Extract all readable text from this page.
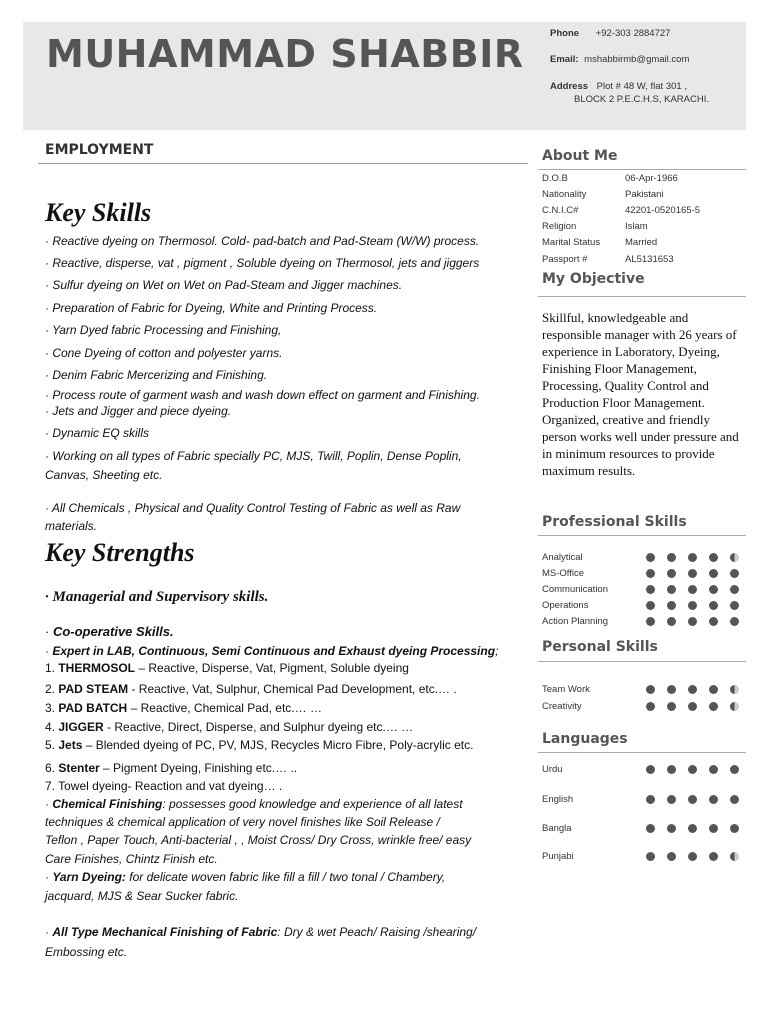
MUHAMMAD SHABBIR	Phone +92-303 2884727
Email: mshabbirmb@gmail.com
Address Plot # 48 W, flat 301 ,
BLOCK 2 P.E.C.H.S, KARACHI.
EMPLOYMENT
Key Skills
· Reactive dyeing on Thermosol. Cold- pad-batch and Pad-Steam (W/W) process.
· Reactive, disperse, vat , pigment , Soluble dyeing on Thermosol, jets and jiggers
· Sulfur dyeing on Wet on Wet on Pad-Steam and Jigger machines.
· Preparation of Fabric for Dyeing, White and Printing Process.
· Yarn Dyed fabric Processing and Finishing,
· Cone Dyeing of cotton and polyester yarns.
· Denim Fabric Mercerizing and Finishing.
· Process route of garment wash and wash down effect on garment and Finishing.
· Jets and Jigger and piece dyeing.
· Dynamic EQ skills
· Working on all types of Fabric specially PC, MJS, Twill, Poplin, Dense Poplin,
Canvas, Sheeting etc.
· All Chemicals , Physical and Quality Control Testing of Fabric as well as Raw
materials.
Key Strengths
· Managerial and Supervisory skills.
· Co-operative Skills.
· Expert in LAB, Continuous, Semi Continuous and Exhaust dyeing Processing;
1. THERMOSOL – Reactive, Disperse, Vat, Pigment, Soluble dyeing
2. PAD STEAM - Reactive, Vat, Sulphur, Chemical Pad Development, etc.… .
3. PAD BATCH – Reactive, Chemical Pad, etc.… …
4. JIGGER - Reactive, Direct, Disperse, and Sulphur dyeing etc.… …
5. Jets – Blended dyeing of PC, PV, MJS, Recycles Micro Fibre, Poly-acrylic etc.
6. Stenter – Pigment Dyeing, Finishing etc.… ..
7. Towel dyeing- Reaction and vat dyeing… .
· Chemical Finishing: possesses good knowledge and experience of all latest
techniques & chemical application of very novel finishes like Soil Release /
Teflon , Paper Touch, Anti-bacterial , , Moist Cross/ Dry Cross, wrinkle free/ easy
Care Finishes, Chintz Finish etc.
· Yarn Dyeing: for delicate woven fabric like fill a fill / two tonal / Chambery,
jacquard, MJS & Sear Sucker fabric.
· All Type Mechanical Finishing of Fabric: Dry & wet Peach/ Raising /shearing/
Embossing etc.
About Me
D.O.B	06-Apr-1966
Nationality	Pakistani
C.N.I.C#	42201-0520165-5
Religion	Islam
Marital Status	Married
Passport #	AL5131653
My Objective
Skillful, knowledgeable and responsible manager with 26 years of experience in Laboratory, Dyeing, Finishing Floor Management, Processing, Quality Control and Production Floor Management. Organized, creative and friendly person works well under pressure and in minimum resources to provide maximum results.
Professional Skills
Analytical
MS-Office
Communication
Operations
Action Planning
Personal Skills
Team Work
Creativity
Languages
Urdu
English
Bangla
Punjabi
